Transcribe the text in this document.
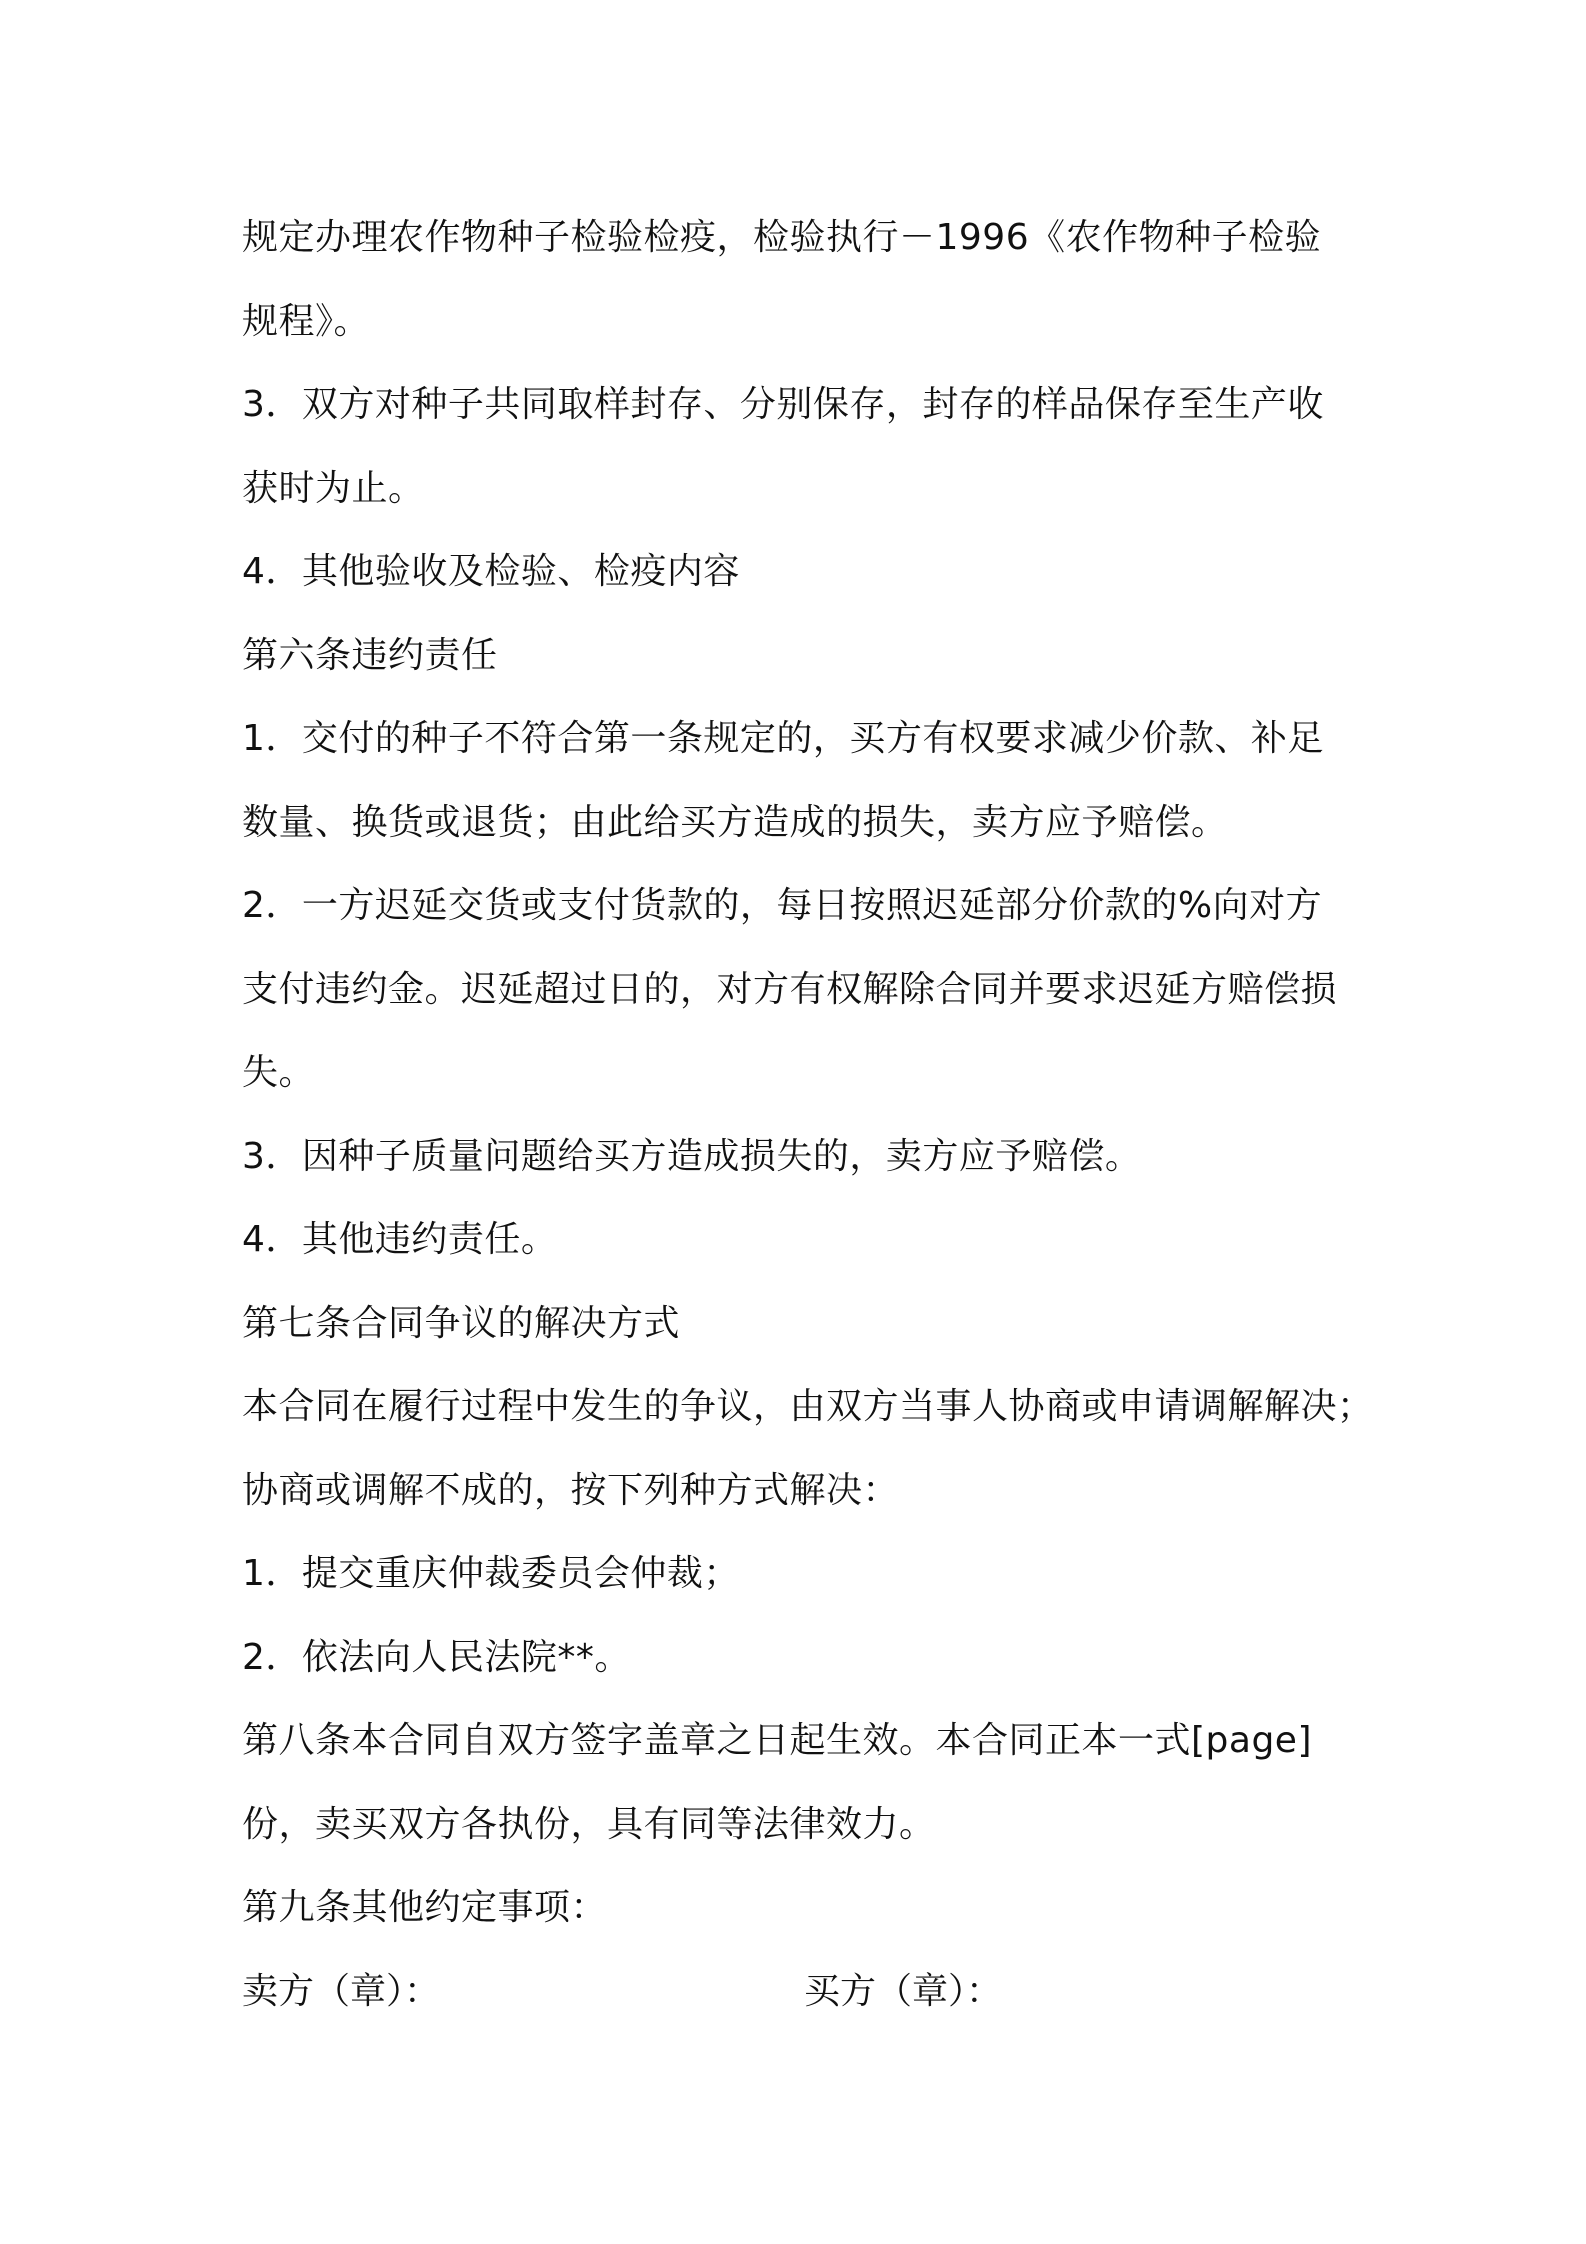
规定办理农作物种子检验检疫，检验执行－1996《农作物种子检验
规程》。
3．双方对种子共同取样封存、分别保存，封存的样品保存至生产收
获时为止。
4．其他验收及检验、检疫内容
第六条违约责任
1．交付的种子不符合第一条规定的，买方有权要求减少价款、补足
数量、换货或退货；由此给买方造成的损失，卖方应予赔偿。
2．一方迟延交货或支付货款的，每日按照迟延部分价款的%向对方
支付违约金。迟延超过日的，对方有权解除合同并要求迟延方赔偿损
失。
3．因种子质量问题给买方造成损失的，卖方应予赔偿。
4．其他违约责任。
第七条合同争议的解决方式
本合同在履行过程中发生的争议，由双方当事人协商或申请调解解决；
协商或调解不成的，按下列种方式解决：
1．提交重庆仲裁委员会仲裁；
2．依法向人民法院**。
第八条本合同自双方签字盖章之日起生效。本合同正本一式[page]
份，卖买双方各执份，具有同等法律效力。
第九条其他约定事项：
卖方（章）：	买方（章）：
